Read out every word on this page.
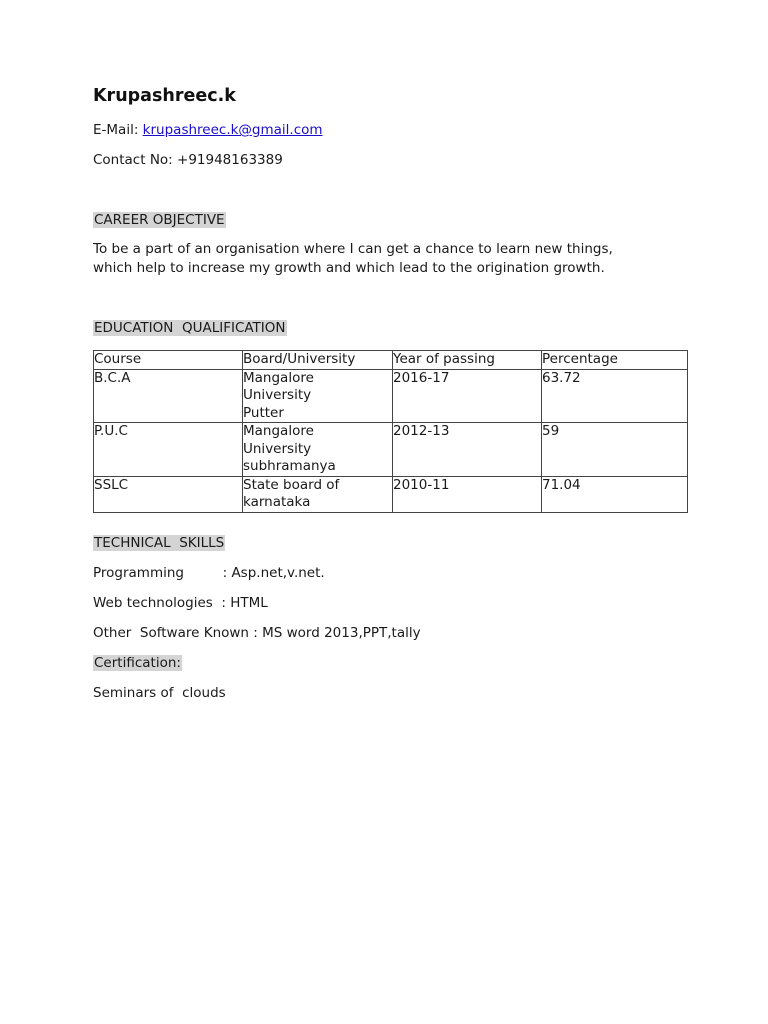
Krupashreec.k
E-Mail: krupashreec.k@gmail.com
Contact No: +91948163389
CAREER OBJECTIVE
To be a part of an organisation where I can get a chance to learn new things,
which help to increase my growth and which lead to the origination growth.
EDUCATION  QUALIFICATION
Course	Board/University	Year of passing	Percentage

B.C.A	Mangalore
University
Putter	2016-17	63.72

P.U.C	Mangalore
University
subhramanya	2012-13	59

SSLC	State board of
karnataka	2010-11	71.04
TECHNICAL  SKILLS
Programming         : Asp.net,v.net.
Web technologies  : HTML
Other  Software Known : MS word 2013,PPT,tally
Certification:
Seminars of  clouds
